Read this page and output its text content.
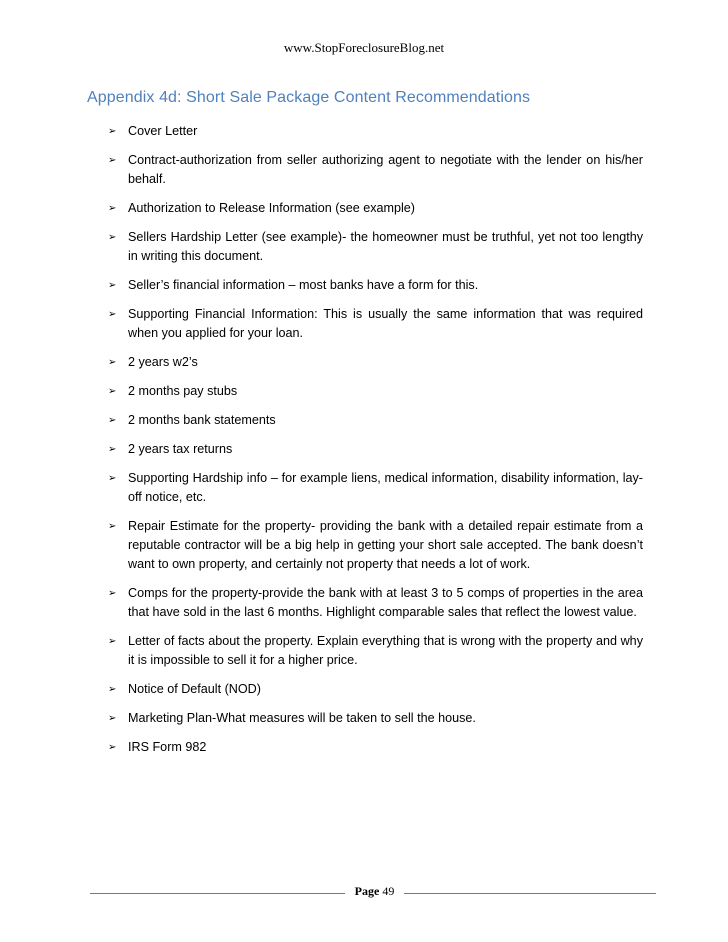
www.StopForeclosureBlog.net
Appendix 4d: Short Sale Package Content Recommendations
➢ Cover Letter
➢ Contract-authorization from seller authorizing agent to negotiate with the lender on his/her behalf.
➢ Authorization to Release Information (see example)
➢ Sellers Hardship Letter (see example)- the homeowner must be truthful, yet not too lengthy in writing this document.
➢ Seller’s financial information – most banks have a form for this.
➢ Supporting Financial Information: This is usually the same information that was required when you applied for your loan.
➢ 2 years w2’s
➢ 2 months pay stubs
➢ 2 months bank statements
➢ 2 years tax returns
➢ Supporting Hardship info – for example liens, medical information, disability information, lay-off notice, etc.
➢ Repair Estimate for the property- providing the bank with a detailed repair estimate from a reputable contractor will be a big help in getting your short sale accepted. The bank doesn’t want to own property, and certainly not property that needs a lot of work.
➢ Comps for the property-provide the bank with at least 3 to 5 comps of properties in the area that have sold in the last 6 months. Highlight comparable sales that reflect the lowest value.
➢ Letter of facts about the property. Explain everything that is wrong with the property and why it is impossible to sell it for a higher price.
➢ Notice of Default (NOD)
➢ Marketing Plan-What measures will be taken to sell the house.
➢ IRS Form 982
Page 49
